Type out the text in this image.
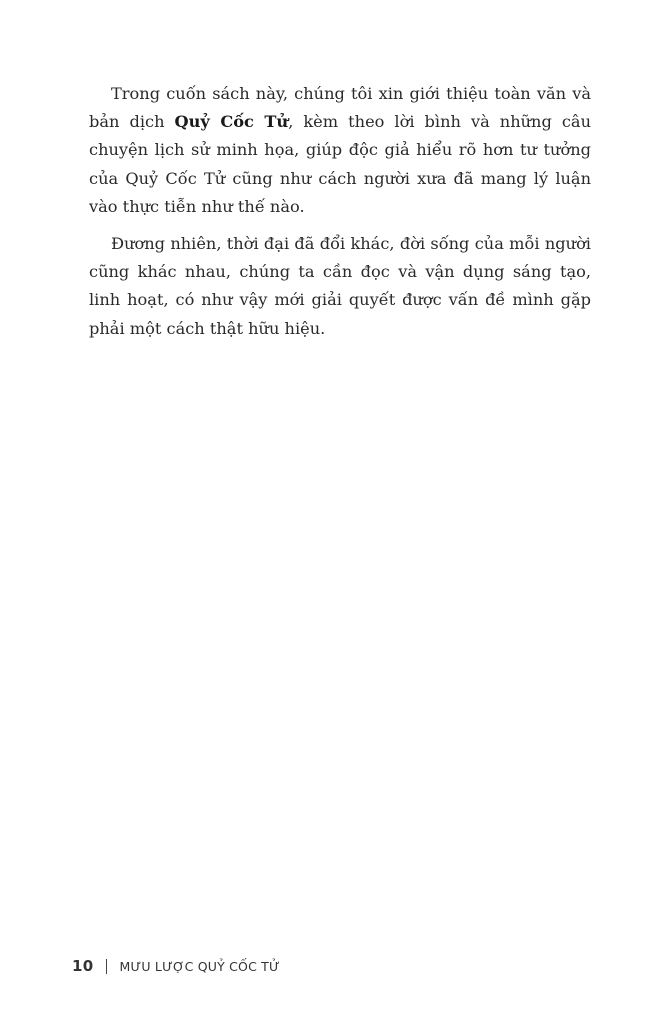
Trong cuốn sách này, chúng tôi xin giới thiệu toàn văn và bản dịch Quỷ Cốc Tử, kèm theo lời bình và những câu chuyện lịch sử minh họa, giúp độc giả hiểu rõ hơn tư tưởng của Quỷ Cốc Tử cũng như cách người xưa đã mang lý luận vào thực tiễn như thế nào.

Đương nhiên, thời đại đã đổi khác, đời sống của mỗi người cũng khác nhau, chúng ta cần đọc và vận dụng sáng tạo, linh hoạt, có như vậy mới giải quyết được vấn đề mình gặp phải một cách thật hữu hiệu.

10 MƯU LƯỢC QUỶ CỐC TỬ
